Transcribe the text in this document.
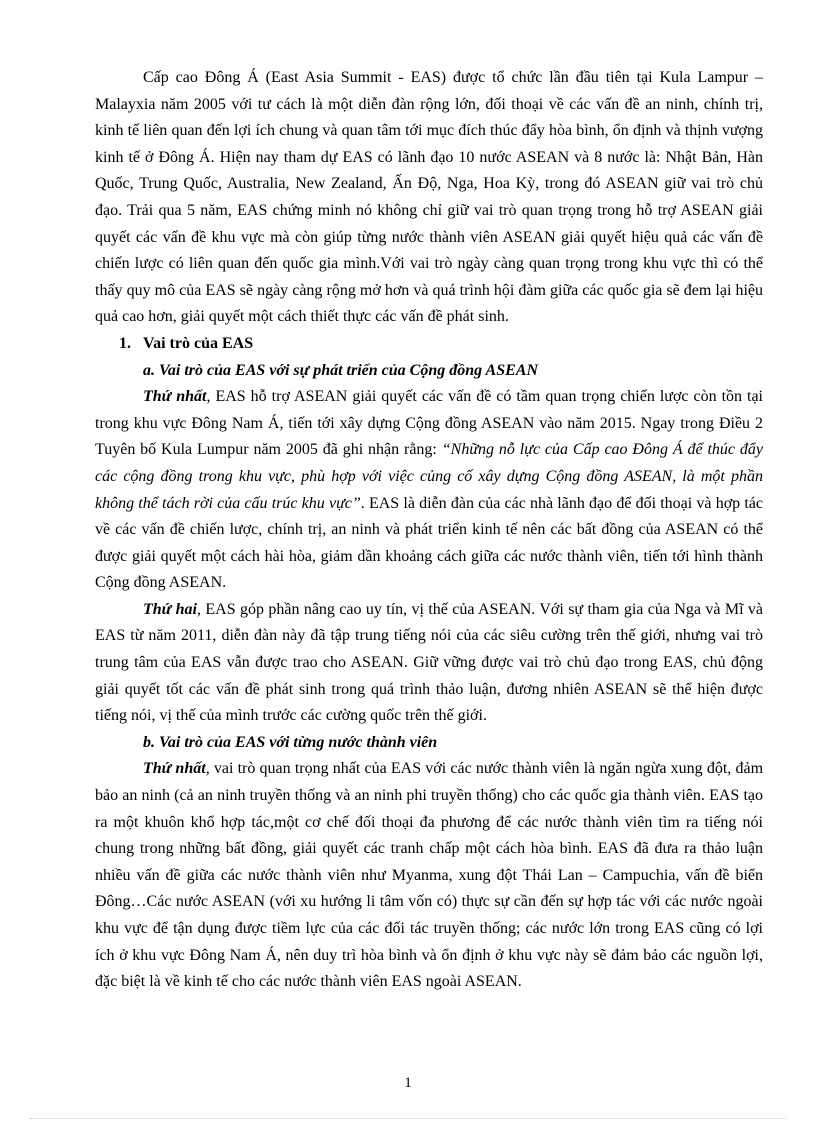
Cấp cao Đông Á (East Asia Summit - EAS) được tổ chức lần đầu tiên tại Kula Lampur – Malayxia năm 2005 với tư cách là một diễn đàn rộng lớn, đối thoại về các vấn đề an ninh, chính trị, kinh tế liên quan đến lợi ích chung và quan tâm tới mục đích thúc đẩy hòa bình, ổn định và thịnh vượng kinh tế ở Đông Á. Hiện nay tham dự EAS có lãnh đạo 10 nước ASEAN và 8 nước là: Nhật Bản, Hàn Quốc, Trung Quốc, Australia, New Zealand, Ấn Độ, Nga, Hoa Kỳ, trong đó ASEAN giữ vai trò chủ đạo. Trải qua 5 năm, EAS chứng minh nó không chỉ giữ vai trò quan trọng trong hỗ trợ ASEAN giải quyết các vấn đề khu vực mà còn giúp từng nước thành viên ASEAN giải quyết hiệu quả các vấn đề chiến lược có liên quan đến quốc gia mình.Với vai trò ngày càng quan trọng trong khu vực thì có thể thấy quy mô của EAS sẽ ngày càng rộng mở hơn và quá trình hội đàm giữa các quốc gia sẽ đem lại hiệu quả cao hơn, giải quyết một cách thiết thực các vấn đề phát sinh.

1. Vai trò của EAS
a. Vai trò của EAS với sự phát triển của Cộng đồng ASEAN

Thứ nhất, EAS hỗ trợ ASEAN giải quyết các vấn đề có tầm quan trọng chiến lược còn tồn tại trong khu vực Đông Nam Á, tiến tới xây dựng Cộng đồng ASEAN vào năm 2015. Ngay trong Điều 2 Tuyên bố Kula Lumpur năm 2005 đã ghi nhận rằng: “Những nỗ lực của Cấp cao Đông Á để thúc đẩy các cộng đồng trong khu vực, phù hợp với việc củng cố xây dựng Cộng đồng ASEAN, là một phần không thể tách rời của cấu trúc khu vực”. EAS là diễn đàn của các nhà lãnh đạo để đối thoại và hợp tác về các vấn đề chiến lược, chính trị, an ninh và phát triển kinh tế nên các bất đồng của ASEAN có thể được giải quyết một cách hài hòa, giảm dần khoảng cách giữa các nước thành viên, tiến tới hình thành Cộng đồng ASEAN.

Thứ hai, EAS góp phần nâng cao uy tín, vị thế của ASEAN. Với sự tham gia của Nga và Mĩ và EAS từ năm 2011, diễn đàn này đã tập trung tiếng nói của các siêu cường trên thế giới, nhưng vai trò trung tâm của EAS vẫn được trao cho ASEAN. Giữ vững được vai trò chủ đạo trong EAS, chủ động giải quyết tốt các vấn đề phát sinh trong quá trình thảo luận, đương nhiên ASEAN sẽ thể hiện được tiếng nói, vị thế của mình trước các cường quốc trên thế giới.

b. Vai trò của EAS với từng nước thành viên

Thứ nhất, vai trò quan trọng nhất của EAS với các nước thành viên là ngăn ngừa xung đột, đảm bảo an ninh (cả an ninh truyền thống và an ninh phi truyền thống) cho các quốc gia thành viên. EAS tạo ra một khuôn khổ hợp tác,một cơ chế đối thoại đa phương để các nước thành viên tìm ra tiếng nói chung trong những bất đồng, giải quyết các tranh chấp một cách hòa bình. EAS đã đưa ra thảo luận nhiều vấn đề giữa các nước thành viên như Myanma, xung đột Thái Lan – Campuchia, vấn đề biển Đông…Các nước ASEAN (với xu hướng li tâm vốn có) thực sự cần đến sự hợp tác với các nước ngoài khu vực để tận dụng được tiềm lực của các đối tác truyền thống; các nước lớn trong EAS cũng có lợi ích ở khu vực Đông Nam Á, nên duy trì hòa bình và ổn định ở khu vực này sẽ đảm bảo các nguồn lợi, đặc biệt là về kinh tế cho các nước thành viên EAS ngoài ASEAN.

1
